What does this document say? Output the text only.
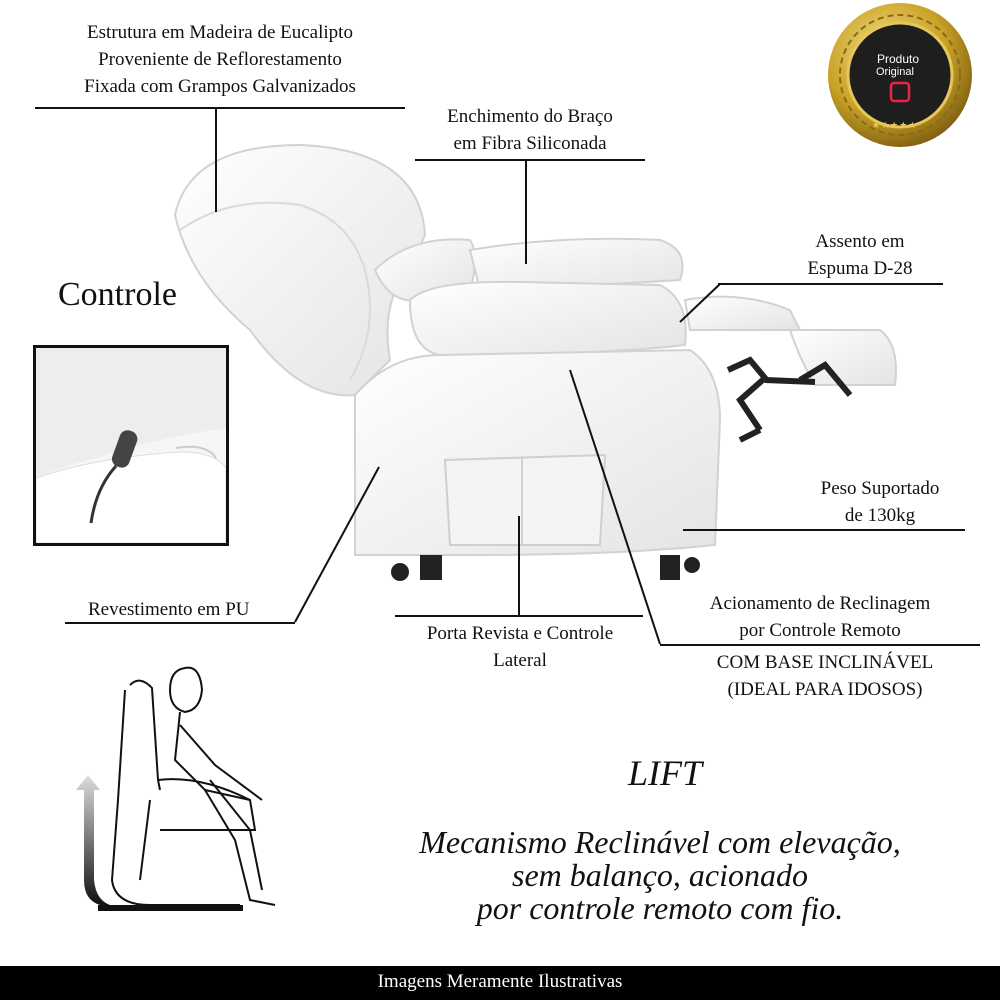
Produto
Original
★★★★★
Controle
Estrutura em Madeira de Eucalipto
Proveniente de Reflorestamento
Fixada com Grampos Galvanizados
Enchimento do Braço
em Fibra Siliconada
Assento em
Espuma D-28
Peso Suportado
de 130kg
Acionamento de Reclinagem
por Controle Remoto
COM BASE INCLINÁVEL
(IDEAL PARA IDOSOS)
Porta Revista e Controle
Lateral
Revestimento em PU
LIFT
Mecanismo Reclinável com elevação,
sem balanço, acionado
por controle remoto com fio.
Imagens Meramente Ilustrativas
